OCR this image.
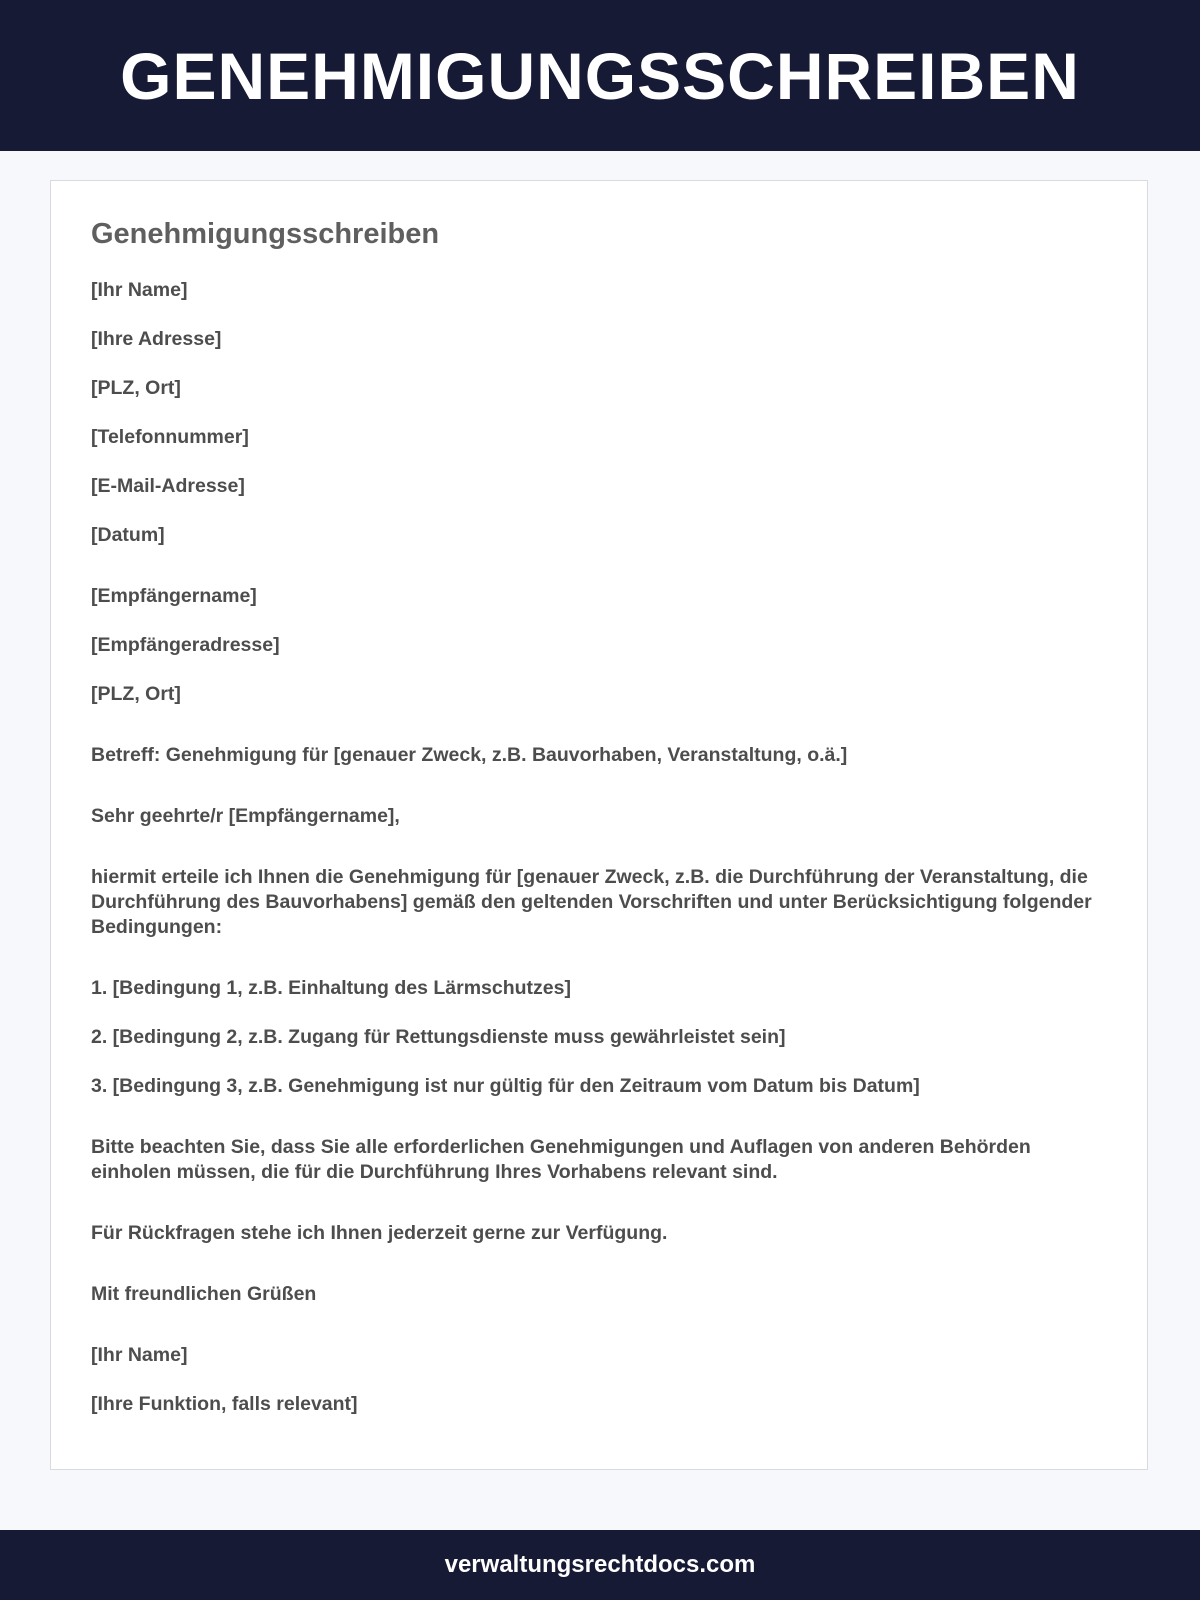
GENEHMIGUNGSSCHREIBEN
Genehmigungsschreiben

[Ihr Name]

[Ihre Adresse]

[PLZ, Ort]

[Telefonnummer]

[E-Mail-Adresse]

[Datum]

[Empfängername]

[Empfängeradresse]

[PLZ, Ort]

Betreff: Genehmigung für [genauer Zweck, z.B. Bauvorhaben, Veranstaltung, o.ä.]

Sehr geehrte/r [Empfängername],

hiermit erteile ich Ihnen die Genehmigung für [genauer Zweck, z.B. die Durchführung der Veranstaltung, die Durchführung des Bauvorhabens] gemäß den geltenden Vorschriften und unter Berücksichtigung folgender Bedingungen:

1. [Bedingung 1, z.B. Einhaltung des Lärmschutzes]

2. [Bedingung 2, z.B. Zugang für Rettungsdienste muss gewährleistet sein]

3. [Bedingung 3, z.B. Genehmigung ist nur gültig für den Zeitraum vom Datum bis Datum]

Bitte beachten Sie, dass Sie alle erforderlichen Genehmigungen und Auflagen von anderen Behörden einholen müssen, die für die Durchführung Ihres Vorhabens relevant sind.

Für Rückfragen stehe ich Ihnen jederzeit gerne zur Verfügung.

Mit freundlichen Grüßen

[Ihr Name]

[Ihre Funktion, falls relevant]

verwaltungsrechtdocs.com
